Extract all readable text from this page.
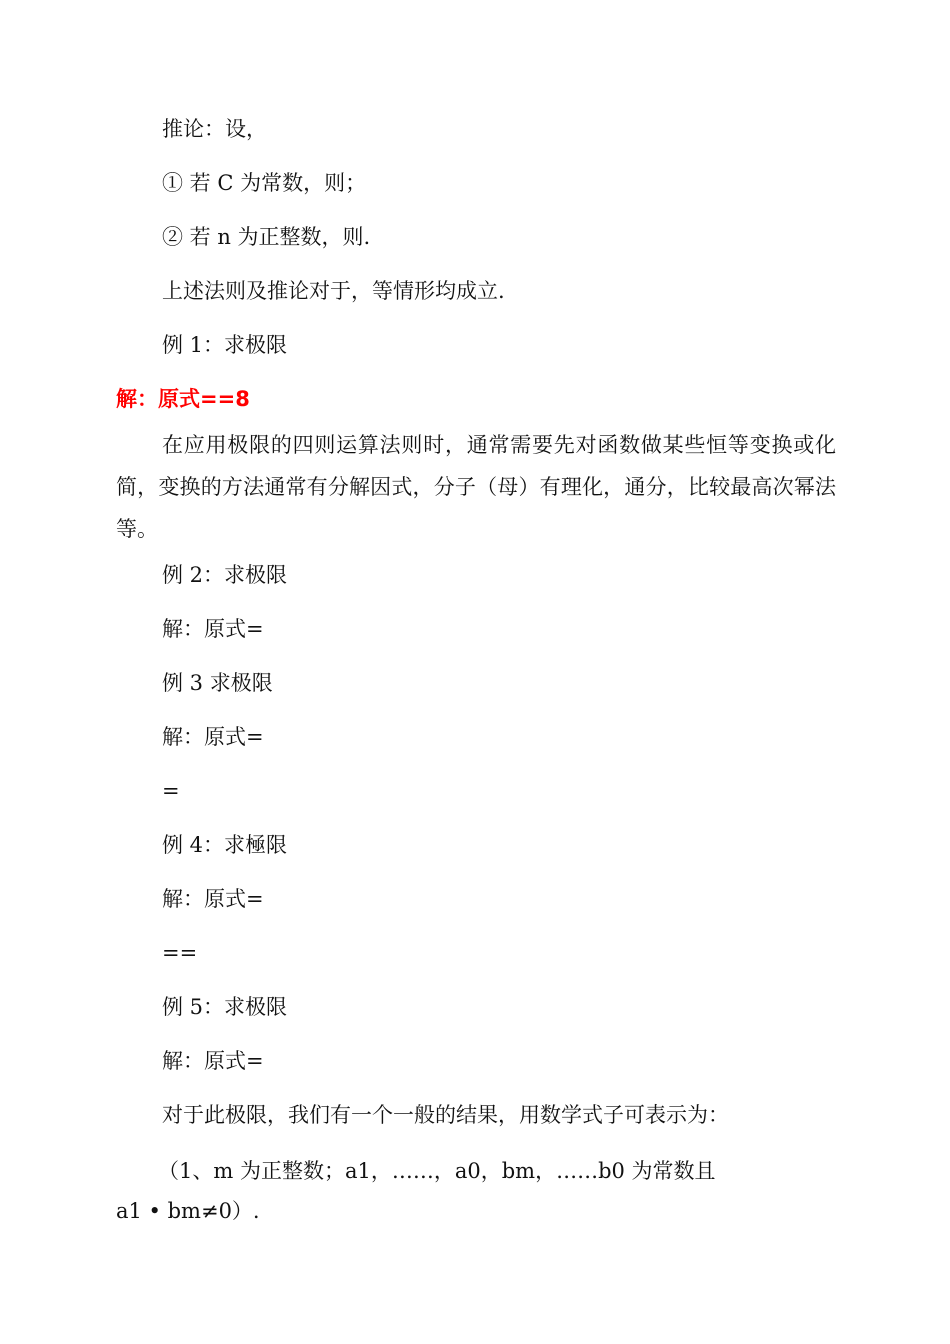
推论：设，
① 若 C 为常数，则；
② 若 n 为正整数，则.
上述法则及推论对于，等情形均成立.
例 1：求极限
解：原式==8
在应用极限的四则运算法则时，通常需要先对函数做某些恒等变换或化简，变换的方法通常有分解因式，分子（母）有理化，通分，比较最高次幂法等。
例 2：求极限
解：原式=
例 3 求极限
解：原式=
=
例 4：求極限
解：原式=
==
例 5：求极限
解：原式=
对于此极限，我们有一个一般的结果，用数学式子可表示为：
（1、m 为正整数；a1，……，a0，bm，……b0 为常数且
a1 • bm≠0）.
